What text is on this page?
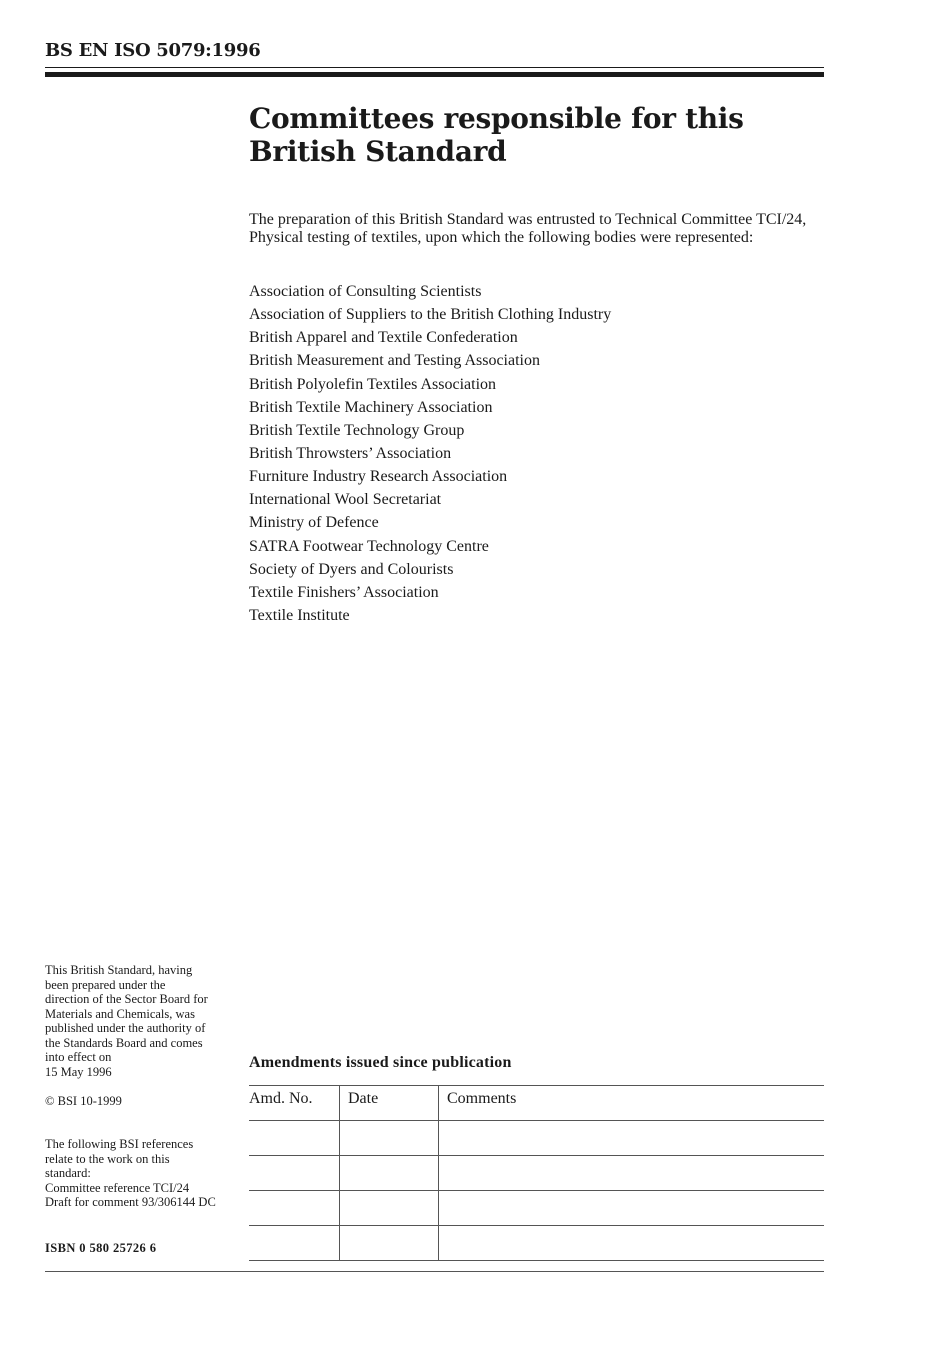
BS EN ISO 5079:1996
Committees responsible for this
British Standard
The preparation of this British Standard was entrusted to Technical Committee TCI/24, Physical testing of textiles, upon which the following bodies were represented:
Association of Consulting Scientists
Association of Suppliers to the British Clothing Industry
British Apparel and Textile Confederation
British Measurement and Testing Association
British Polyolefin Textiles Association
British Textile Machinery Association
British Textile Technology Group
British Throwsters’ Association
Furniture Industry Research Association
International Wool Secretariat
Ministry of Defence
SATRA Footwear Technology Centre
Society of Dyers and Colourists
Textile Finishers’ Association
Textile Institute
This British Standard, having
been prepared under the
direction of the Sector Board for
Materials and Chemicals, was
published under the authority of
the Standards Board and comes
into effect on
15 May 1996
© BSI 10-1999
The following BSI references
relate to the work on this
standard:
Committee reference TCI/24
Draft for comment 93/306144 DC
ISBN 0 580 25726 6
Amendments issued since publication
Amd. No.	Date	Comments
